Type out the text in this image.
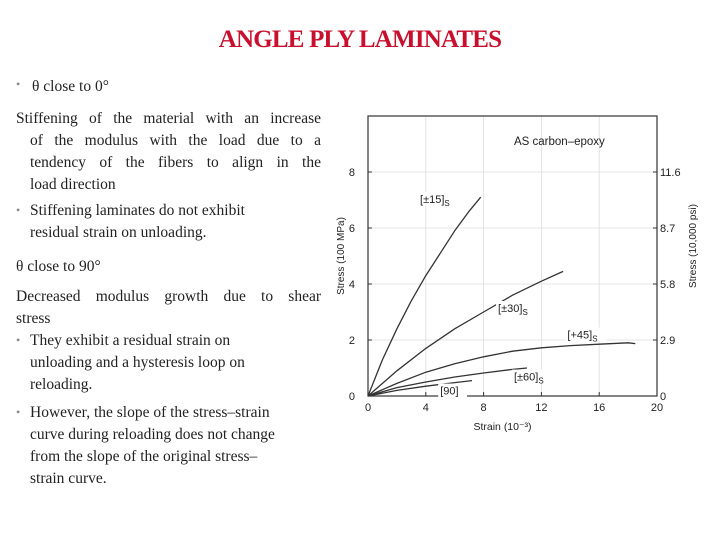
ANGLE PLY LAMINATES
• θ close to 0°
Stiffening of the material with an increase
of the modulus with the load due to a
tendency of the fibers to align in the
load direction
• Stiffening laminates do not exhibit
residual strain on unloading.
θ close to 90°
Decreased modulus growth due to shear
stress
• They exhibit a residual strain on
unloading and a hysteresis loop on
reloading.
• However, the slope of the stress–strain
curve during reloading does not change
from the slope of the original stress–
strain curve.
$[\pm 15]_S$
$[\pm 30]_S$
$[+45]_S$
$[\pm 60]_S$
[90]
0	4	8	12	16	20
0	0
2	2.9
4	5.8
6	8.7
8	11.6
AS carbon–epoxy
Strain (10⁻³)
Stress (100 MPa)	Stress (10,000 psi)
